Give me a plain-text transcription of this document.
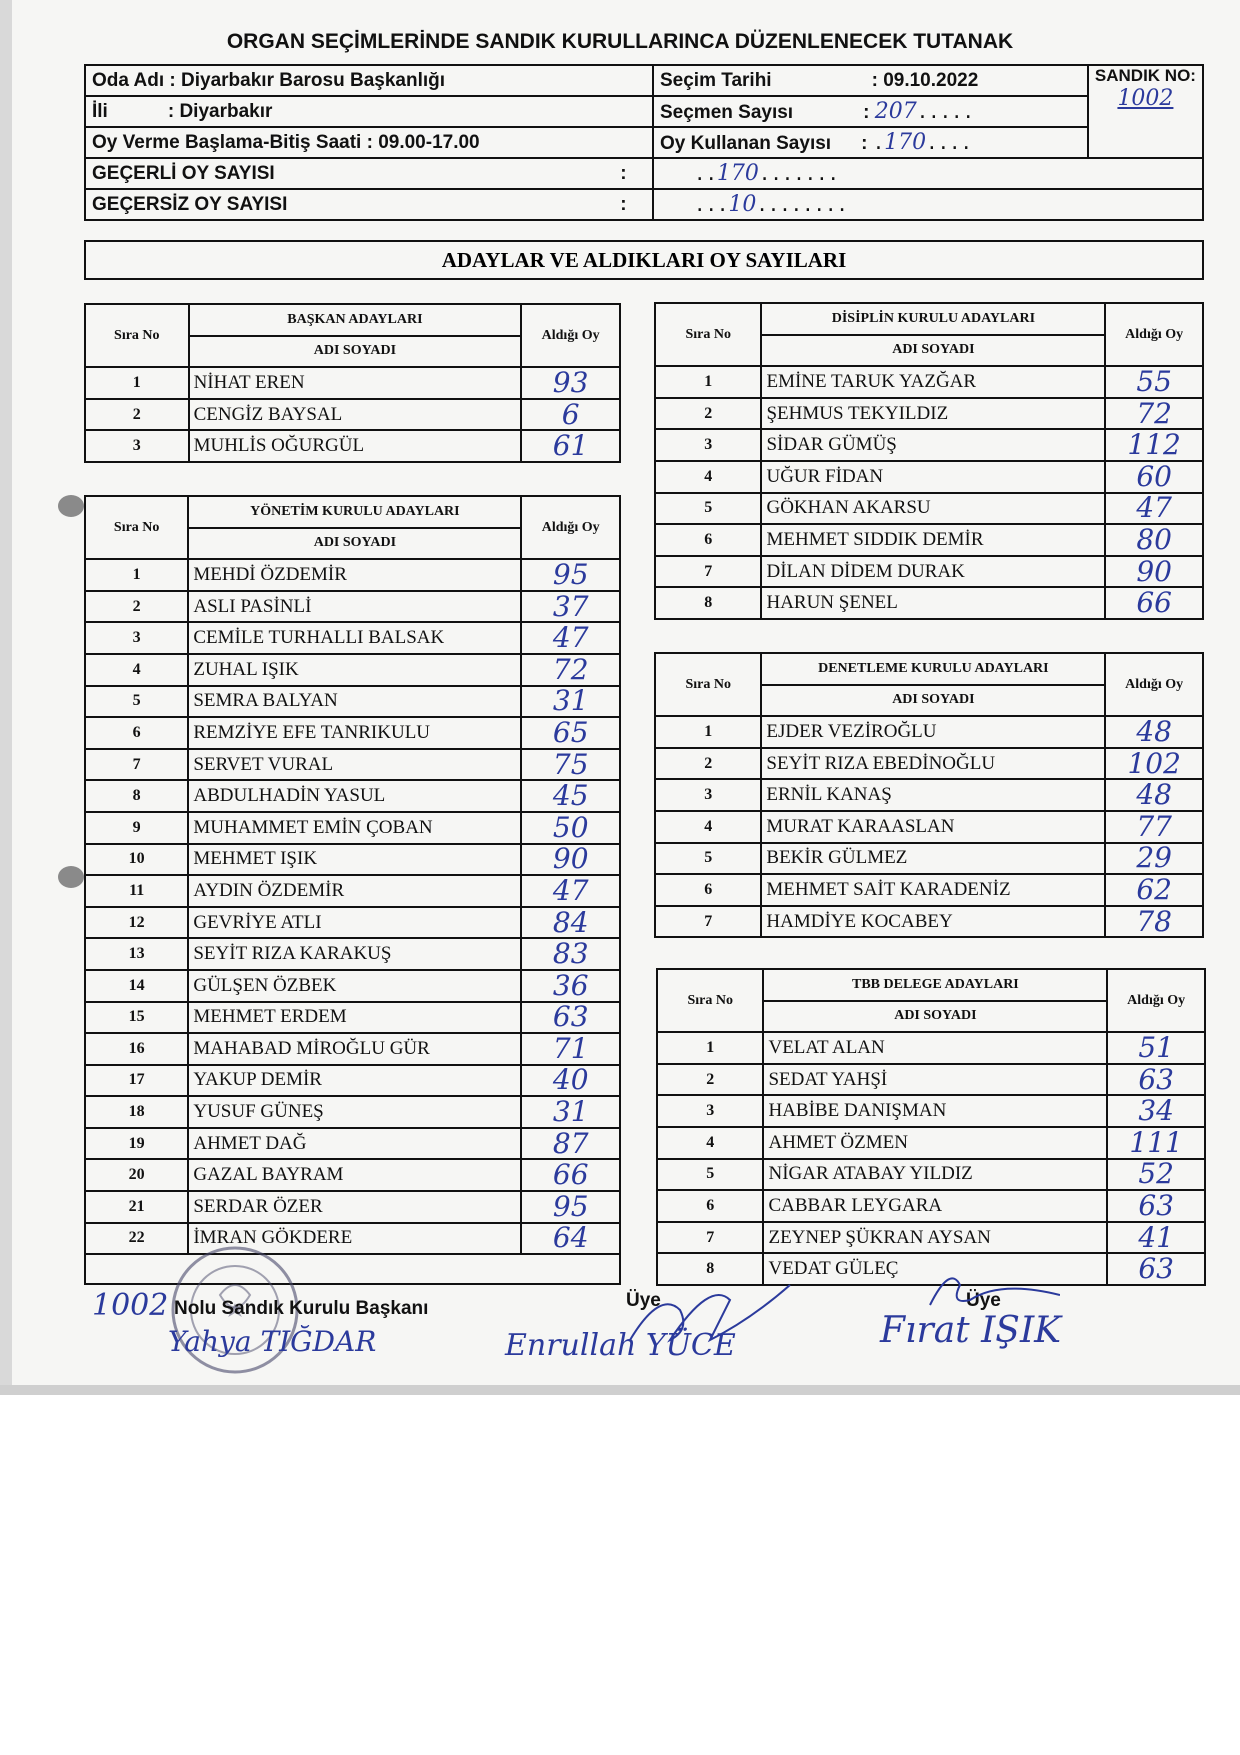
ORGAN SEÇİMLERİNDE SANDIK KURULLARINCA DÜZENLENECEK TUTANAK
Oda Adı : Diyarbakır Barosu Başkanlığı		Seçim Tarihi : 09.10.2022	SANDIK NO:
1002

İli : Diyarbakır		Seçmen Sayısı : 207.....	
Oy Verme Başlama-Bitiş Saati : 09.00-17.00		Oy Kullanan Sayısı : .170....	
GEÇERLİ OY SAYISI	:	..170.......	
GEÇERSİZ OY SAYISI	:	...10........	
ADAYLAR VE ALDIKLARI OY SAYILARI
Sıra No	BAŞKAN ADAYLARI	Aldığı Oy
	ADI SOYADI	
1	NİHAT EREN	93
2	CENGİZ BAYSAL	6
3	MUHLİS OĞURGÜL	61
Sıra No	YÖNETİM KURULU ADAYLARI	Aldığı Oy
	ADI SOYADI	
1	MEHDİ ÖZDEMİR	95
2	ASLI PASİNLİ	37
3	CEMİLE TURHALLI BALSAK	47
4	ZUHAL IŞIK	72
5	SEMRA BALYAN	31
6	REMZİYE EFE TANRIKULU	65
7	SERVET VURAL	75
8	ABDULHADİN YASUL	45
9	MUHAMMET EMİN ÇOBAN	50
10	MEHMET IŞIK	90
11	AYDIN ÖZDEMİR	47
12	GEVRİYE ATLI	84
13	SEYİT RIZA KARAKUŞ	83
14	GÜLŞEN ÖZBEK	36
15	MEHMET ERDEM	63
16	MAHABAD MİROĞLU GÜR	71
17	YAKUP DEMİR	40
18	YUSUF GÜNEŞ	31
19	AHMET DAĞ	87
20	GAZAL BAYRAM	66
21	SERDAR ÖZER	95
22	İMRAN GÖKDERE	64

Sıra No	DİSİPLİN KURULU ADAYLARI	Aldığı Oy
	ADI SOYADI	
1	EMİNE TARUK YAZĞAR	55
2	ŞEHMUS TEKYILDIZ	72
3	SİDAR GÜMÜŞ	112
4	UĞUR FİDAN	60
5	GÖKHAN AKARSU	47
6	MEHMET SIDDIK DEMİR	80
7	DİLAN DİDEM DURAK	90
8	HARUN ŞENEL	66
Sıra No	DENETLEME KURULU ADAYLARI	Aldığı Oy
	ADI SOYADI	
1	EJDER VEZİROĞLU	48
2	SEYİT RIZA EBEDİNOĞLU	102
3	ERNİL KANAŞ	48
4	MURAT KARAASLAN	77
5	BEKİR GÜLMEZ	29
6	MEHMET SAİT KARADENİZ	62
7	HAMDİYE KOCABEY	78
Sıra No	TBB DELEGE ADAYLARI	Aldığı Oy
	ADI SOYADI	
1	VELAT ALAN	51
2	SEDAT YAHŞİ	63
3	HABİBE DANIŞMAN	34
4	AHMET ÖZMEN	111
5	NİGAR ATABAY YILDIZ	52
6	CABBAR LEYGARA	63
7	ZEYNEP ŞÜKRAN AYSAN	41
8	VEDAT GÜLEÇ	63
1002 Nolu Sandık Kurulu Başkanı	Üye	Üye
Yahya TIĞDAR	Enrullah YÜCE	Fırat IŞIK
